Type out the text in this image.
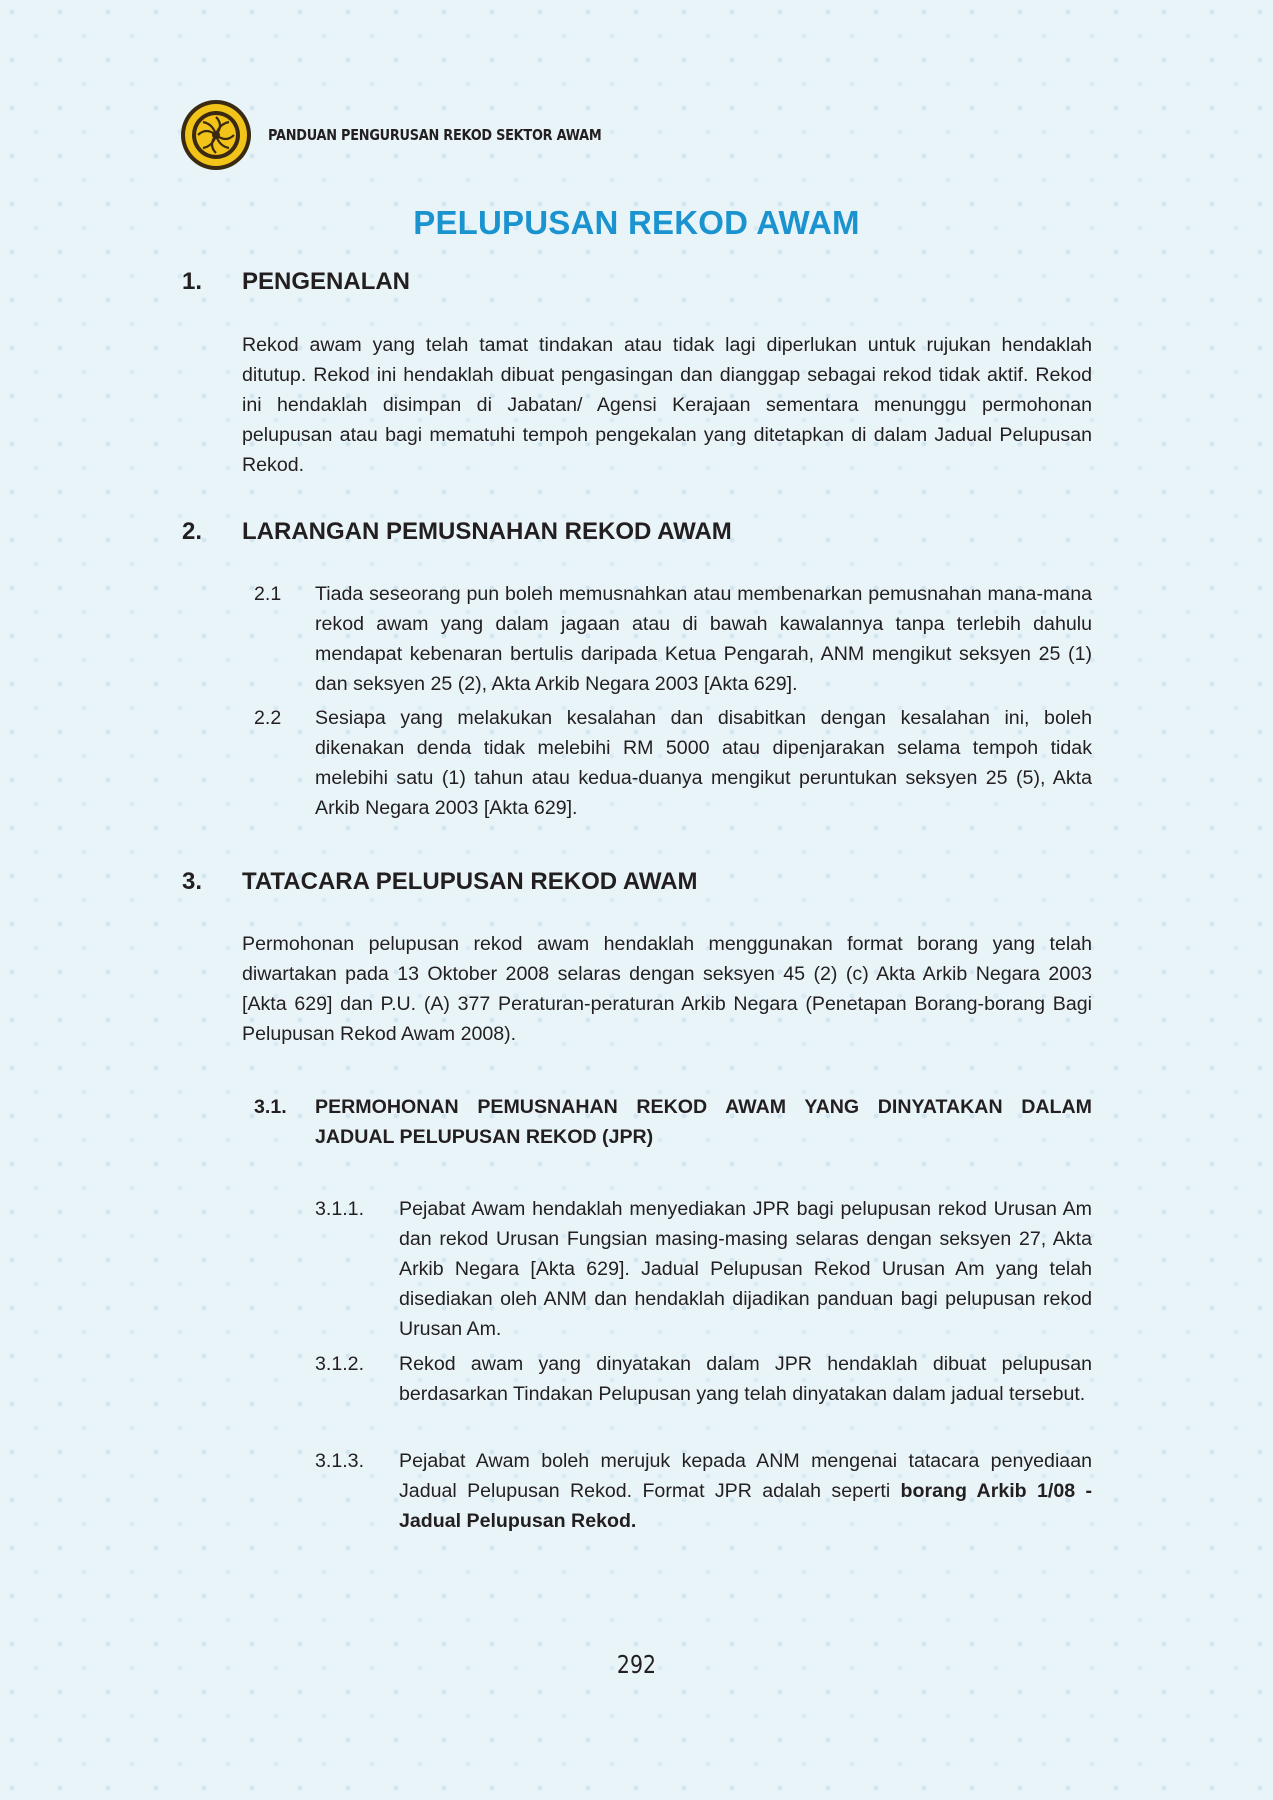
PANDUAN PENGURUSAN REKOD SEKTOR AWAM
PELUPUSAN REKOD AWAM
1.	PENGENALAN

Rekod awam yang telah tamat tindakan atau tidak lagi diperlukan untuk rujukan hendaklah ditutup. Rekod ini hendaklah dibuat pengasingan dan dianggap sebagai rekod tidak aktif. Rekod ini hendaklah disimpan di Jabatan/ Agensi Kerajaan sementara menunggu permohonan pelupusan atau bagi mematuhi tempoh pengekalan yang ditetapkan di dalam Jadual Pelupusan Rekod.

2.	LARANGAN PEMUSNAHAN REKOD AWAM
2.1	Tiada seseorang pun boleh memusnahkan atau membenarkan pemusnahan mana-mana rekod awam yang dalam jagaan atau di bawah kawalannya tanpa terlebih dahulu mendapat kebenaran bertulis daripada Ketua Pengarah, ANM mengikut seksyen 25 (1) dan seksyen 25 (2), Akta Arkib Negara 2003 [Akta 629].
2.2	Sesiapa yang melakukan kesalahan dan disabitkan dengan kesalahan ini, boleh dikenakan denda tidak melebihi RM 5000 atau dipenjarakan selama tempoh tidak melebihi satu (1) tahun atau kedua-duanya mengikut peruntukan seksyen 25 (5), Akta Arkib Negara 2003 [Akta 629].
3.	TATACARA PELUPUSAN REKOD AWAM

Permohonan pelupusan rekod awam hendaklah menggunakan format borang yang telah diwartakan pada 13 Oktober 2008 selaras dengan seksyen 45 (2) (c) Akta Arkib Negara 2003 [Akta 629] dan P.U. (A) 377 Peraturan-peraturan Arkib Negara (Penetapan Borang-borang Bagi Pelupusan Rekod Awam 2008).

3.1.	PERMOHONAN PEMUSNAHAN REKOD AWAM YANG DINYATAKAN DALAM JADUAL PELUPUSAN REKOD (JPR)
3.1.1.	Pejabat Awam hendaklah menyediakan JPR bagi pelupusan rekod Urusan Am dan rekod Urusan Fungsian masing-masing selaras dengan seksyen 27, Akta Arkib Negara [Akta 629]. Jadual Pelupusan Rekod Urusan Am yang telah disediakan oleh ANM dan hendaklah dijadikan panduan bagi pelupusan rekod Urusan Am.
3.1.2.	Rekod awam yang dinyatakan dalam JPR hendaklah dibuat pelupusan berdasarkan Tindakan Pelupusan yang telah dinyatakan dalam jadual tersebut.
3.1.3.	Pejabat Awam boleh merujuk kepada ANM mengenai tatacara penyediaan Jadual Pelupusan Rekod. Format JPR adalah seperti borang Arkib 1/08 - Jadual Pelupusan Rekod.
292
